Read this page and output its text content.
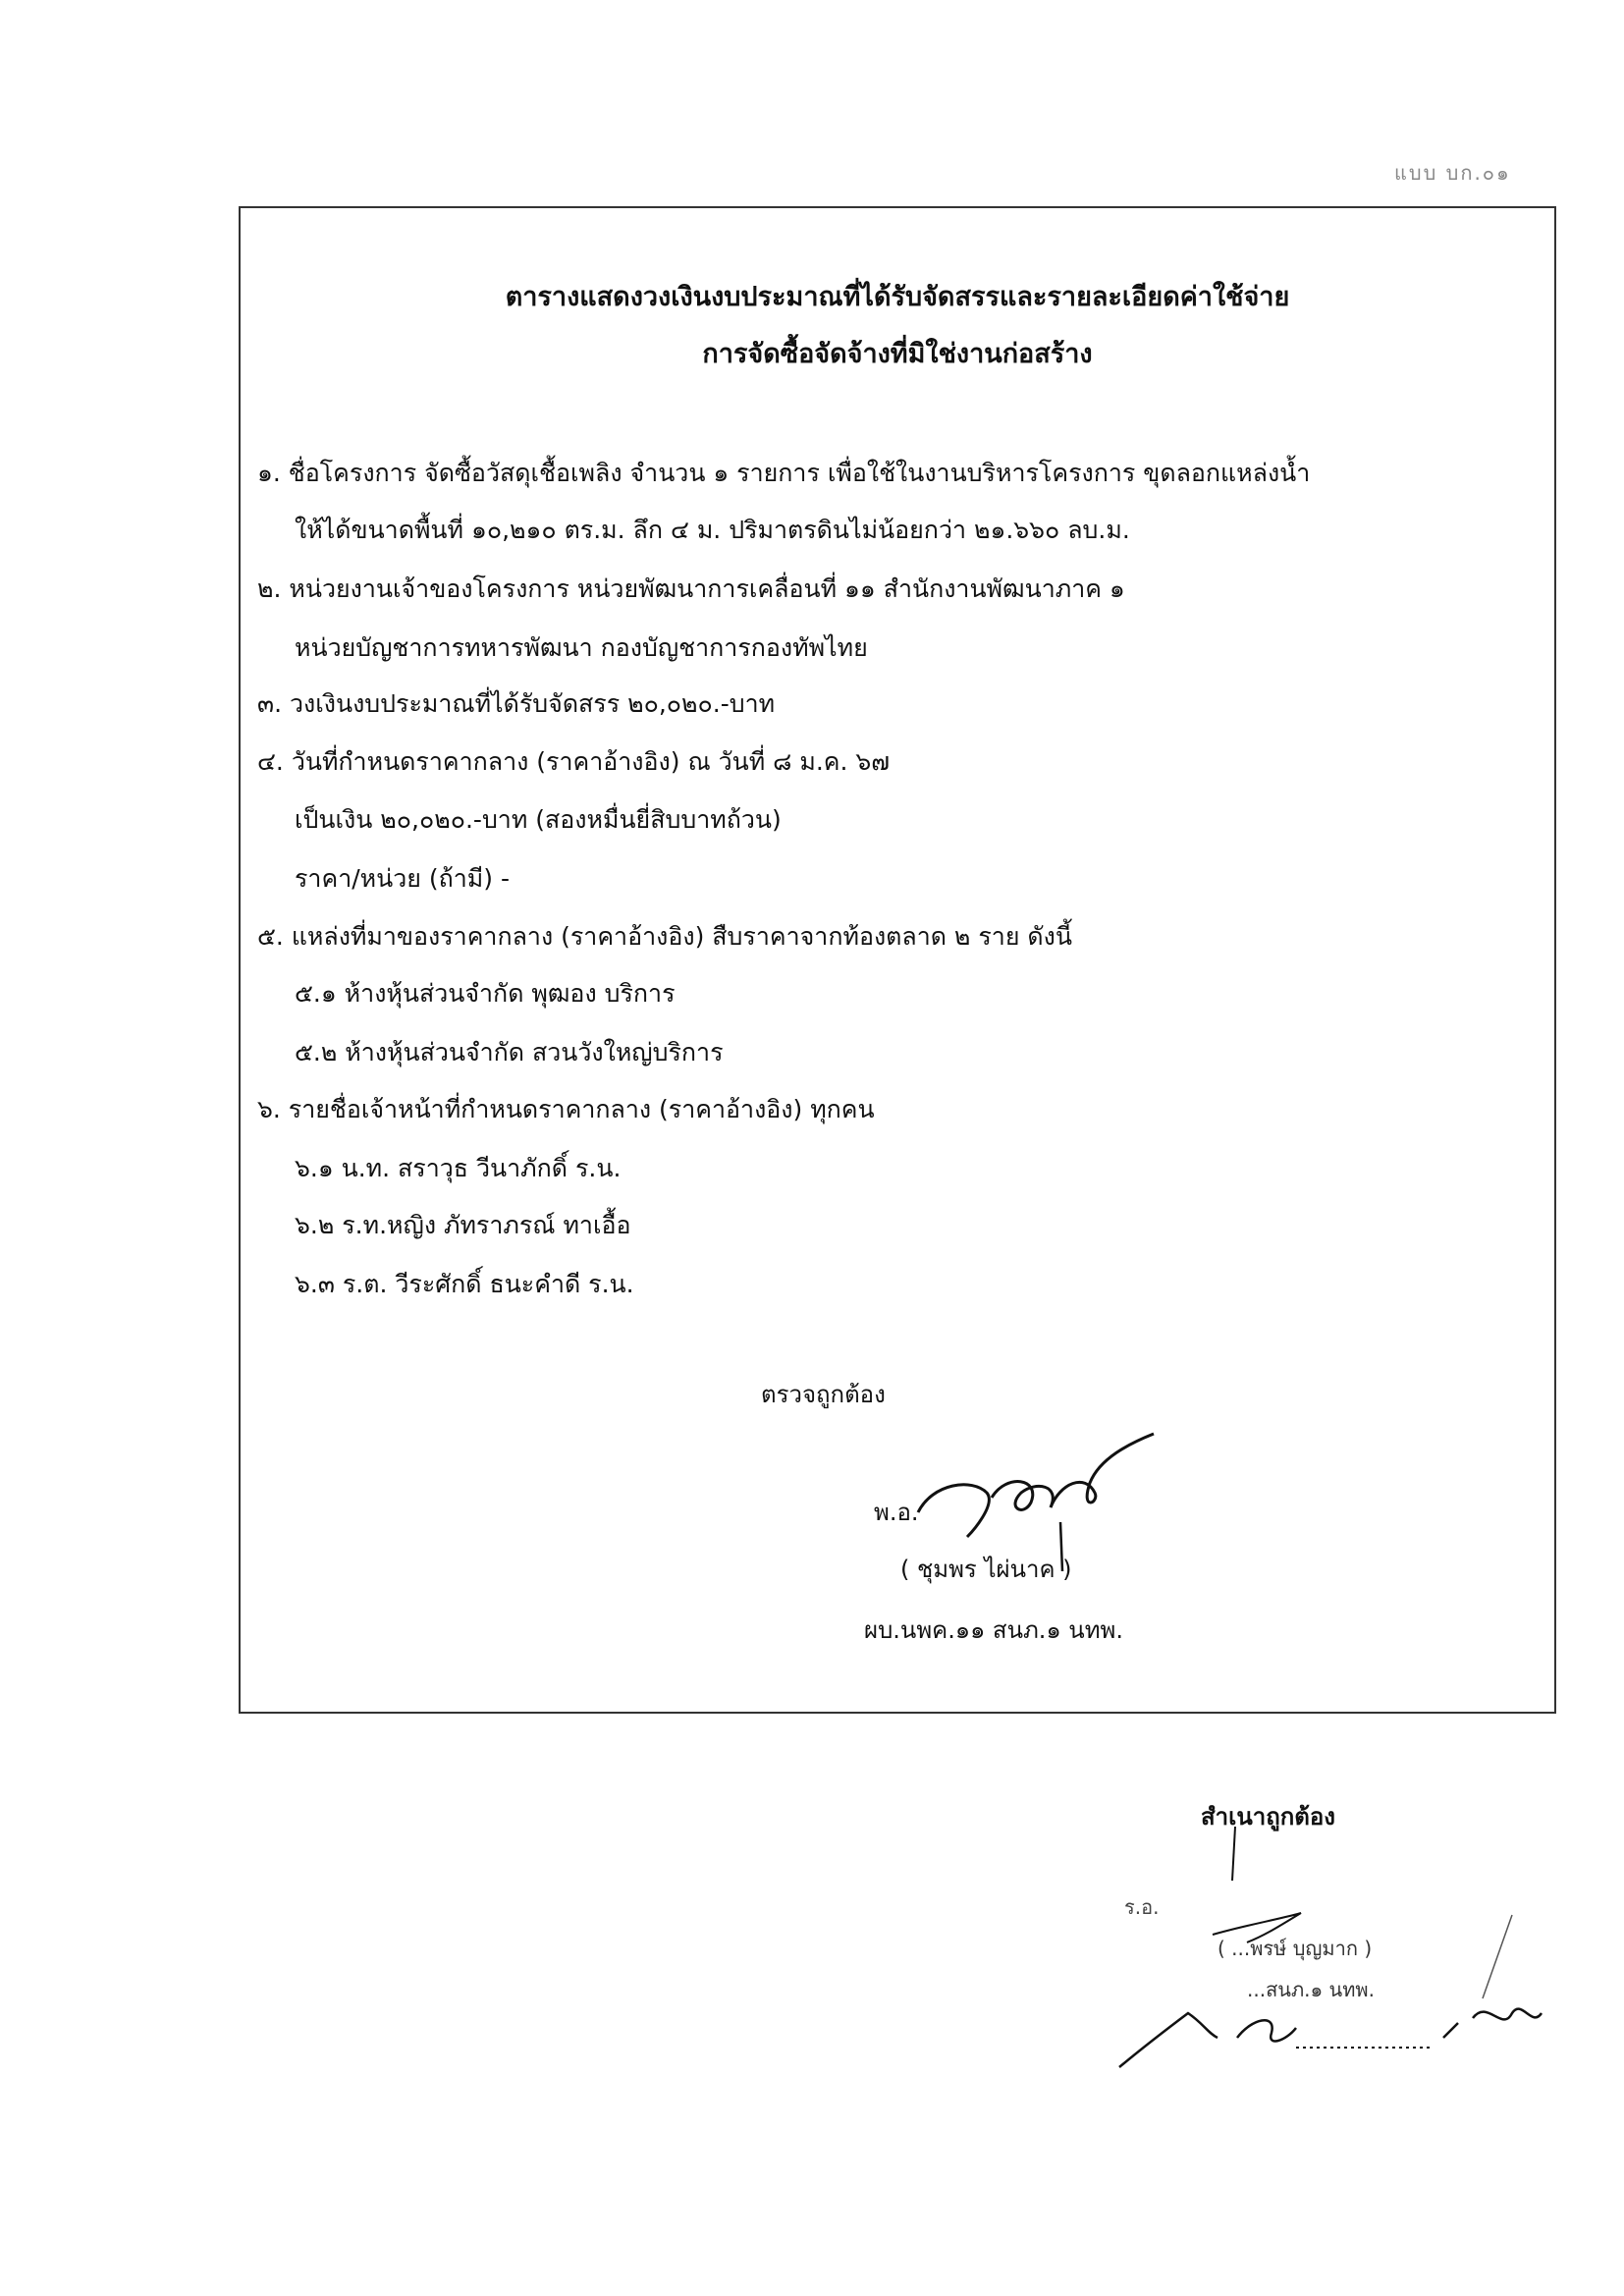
แบบ บก.๐๑
ตารางแสดงวงเงินงบประมาณที่ได้รับจัดสรรและรายละเอียดค่าใช้จ่าย
การจัดซื้อจัดจ้างที่มิใช่งานก่อสร้าง
๑. ชื่อโครงการ จัดซื้อวัสดุเชื้อเพลิง จำนวน ๑ รายการ เพื่อใช้ในงานบริหารโครงการ ขุดลอกแหล่งน้ำ
ให้ได้ขนาดพื้นที่ ๑๐,๒๑๐ ตร.ม. ลึก ๔ ม. ปริมาตรดินไม่น้อยกว่า ๒๑.๖๖๐ ลบ.ม.
๒. หน่วยงานเจ้าของโครงการ หน่วยพัฒนาการเคลื่อนที่ ๑๑ สำนักงานพัฒนาภาค ๑
หน่วยบัญชาการทหารพัฒนา กองบัญชาการกองทัพไทย
๓. วงเงินงบประมาณที่ได้รับจัดสรร ๒๐,๐๒๐.-บาท
๔. วันที่กำหนดราคากลาง (ราคาอ้างอิง) ณ วันที่ ๘ ม.ค. ๖๗
เป็นเงิน ๒๐,๐๒๐.-บาท (สองหมื่นยี่สิบบาทถ้วน)
ราคา/หน่วย (ถ้ามี) -
๕. แหล่งที่มาของราคากลาง (ราคาอ้างอิง) สืบราคาจากท้องตลาด ๒ ราย ดังนี้
๕.๑ ห้างหุ้นส่วนจำกัด พุฒอง บริการ
๕.๒ ห้างหุ้นส่วนจำกัด สวนวังใหญ่บริการ
๖. รายชื่อเจ้าหน้าที่กำหนดราคากลาง (ราคาอ้างอิง) ทุกคน
๖.๑ น.ท. สราวุธ วีนาภักดิ์ ร.น.
๖.๒ ร.ท.หญิง ภัทราภรณ์ ทาเอื้อ
๖.๓ ร.ต. วีระศักดิ์ ธนะคำดี ร.น.
ตรวจถูกต้อง
พ.อ.
( ชุมพร ไผ่นาค )
ผบ.นพค.๑๑ สนภ.๑ นทพ.
สำเนาถูกต้อง
ร.อ.
( ...พรษ์ บุญมาก )
...สนภ.๑ นทพ.
